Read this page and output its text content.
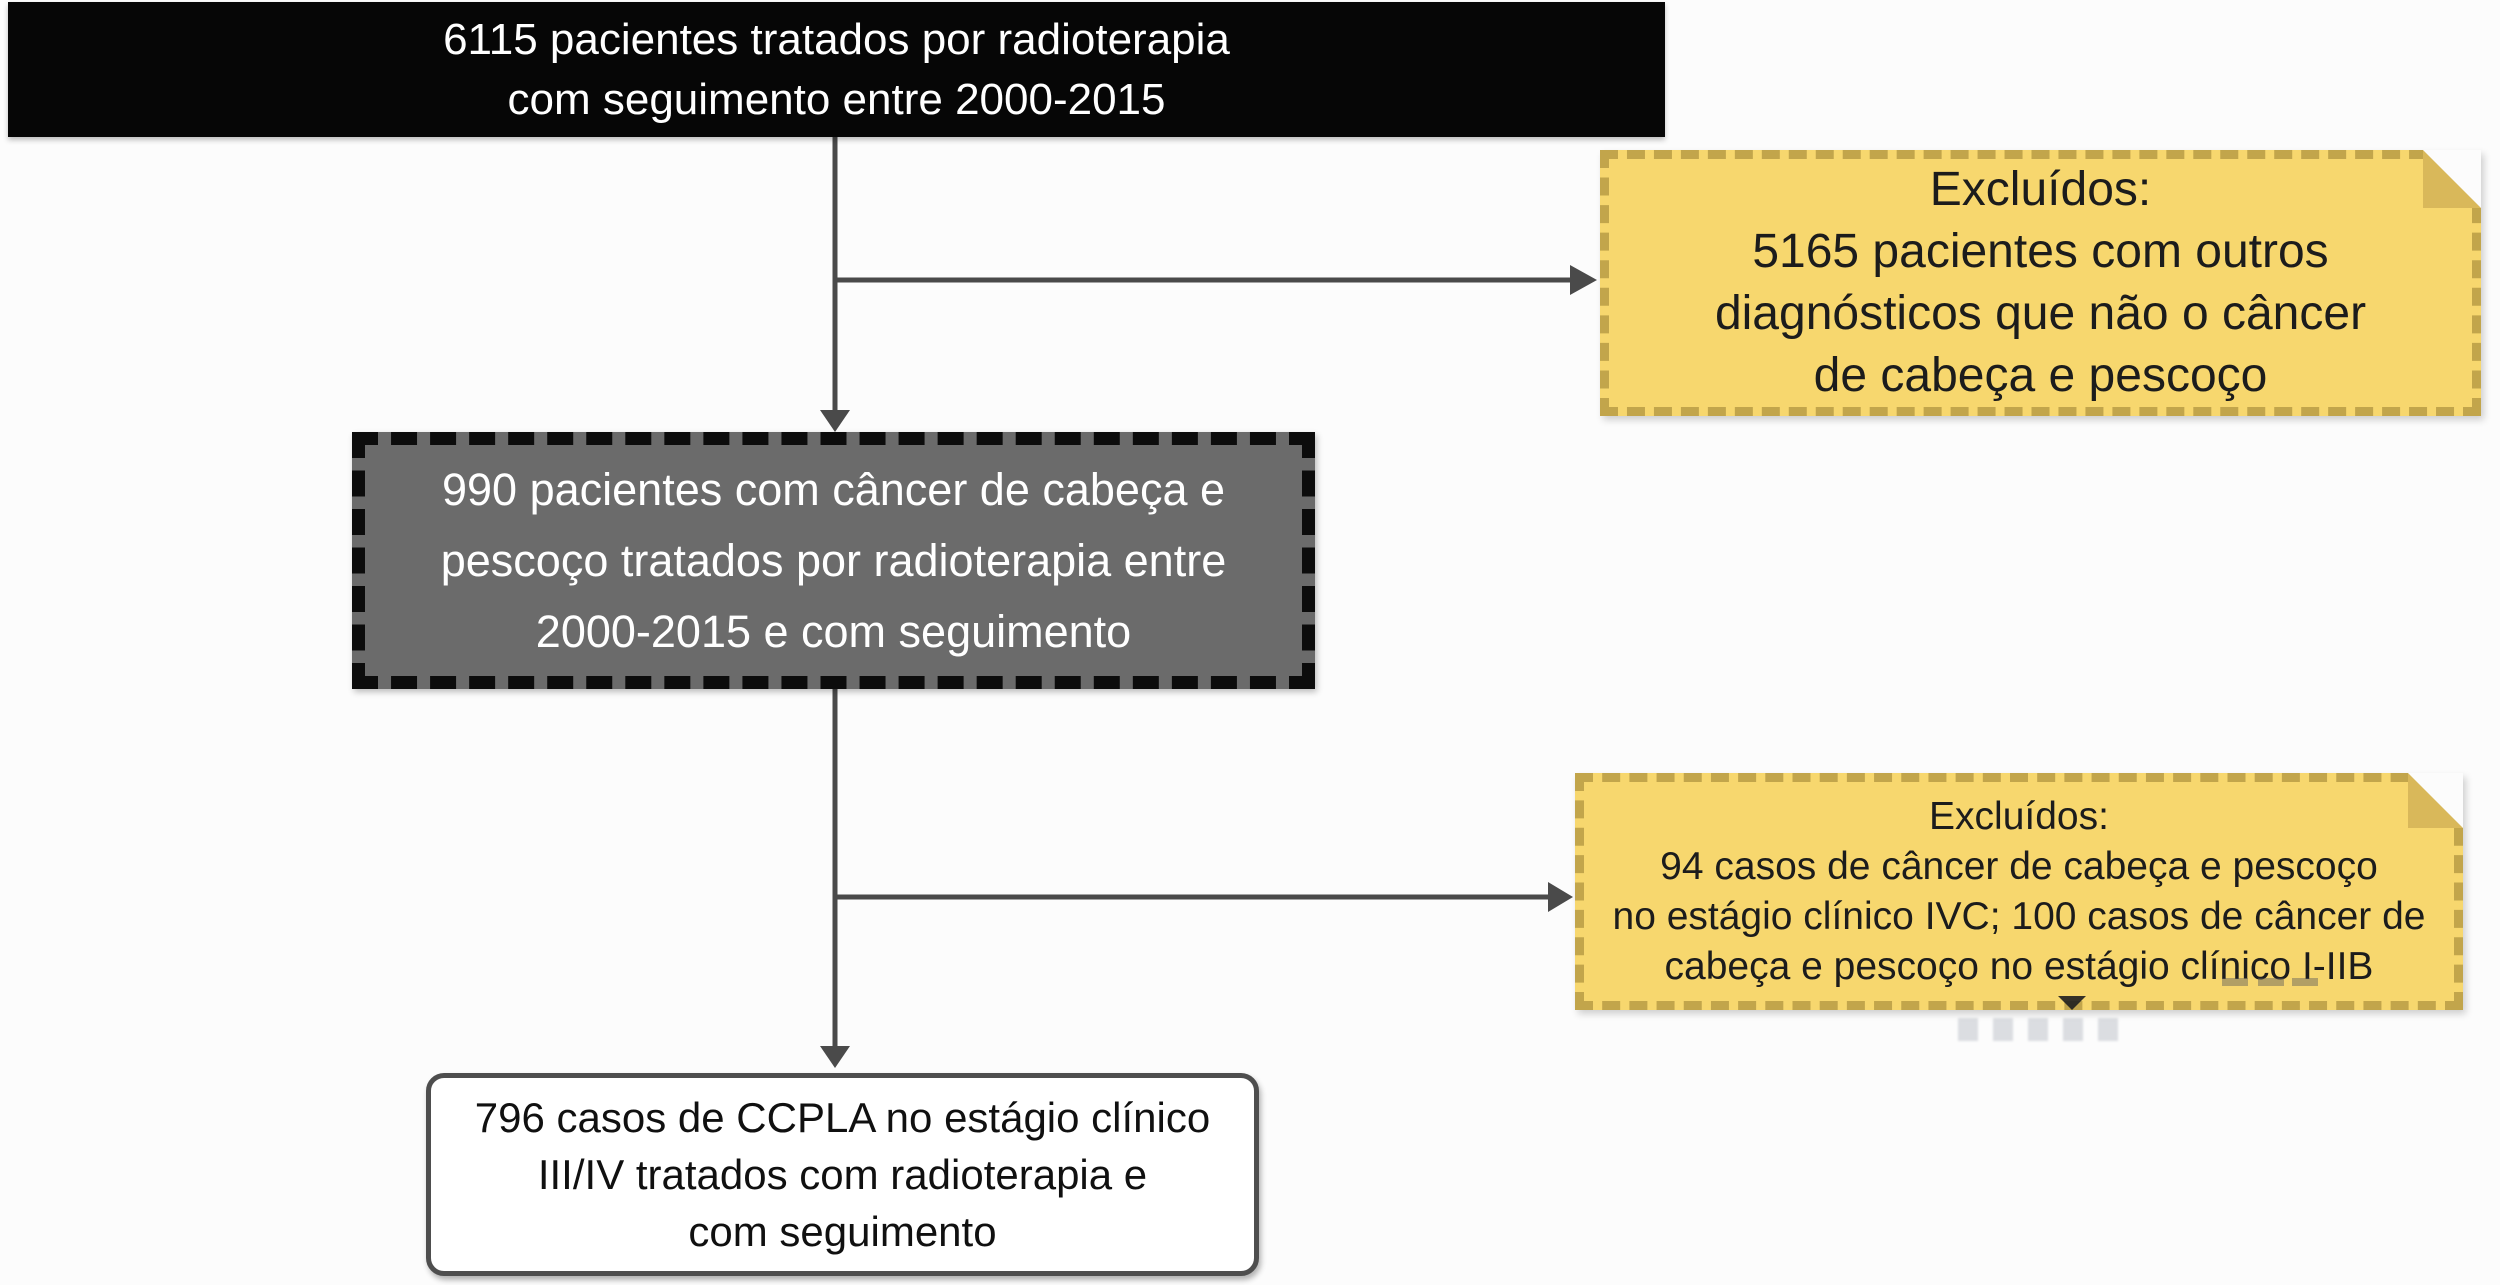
6115 pacientes tratados por radioterapia
com seguimento entre 2000-2015
Excluídos:
5165 pacientes com outros
diagnósticos que não o câncer
de cabeça e pescoço
990 pacientes com câncer de cabeça e
pescoço tratados por radioterapia entre
2000-2015 e com seguimento
Excluídos:
94 casos de câncer de cabeça e pescoço
no estágio clínico IVC; 100 casos de câncer de
cabeça e pescoço no estágio clínico I-IIB
796 casos de CCPLA no estágio clínico
III/IV tratados com radioterapia e
com seguimento
